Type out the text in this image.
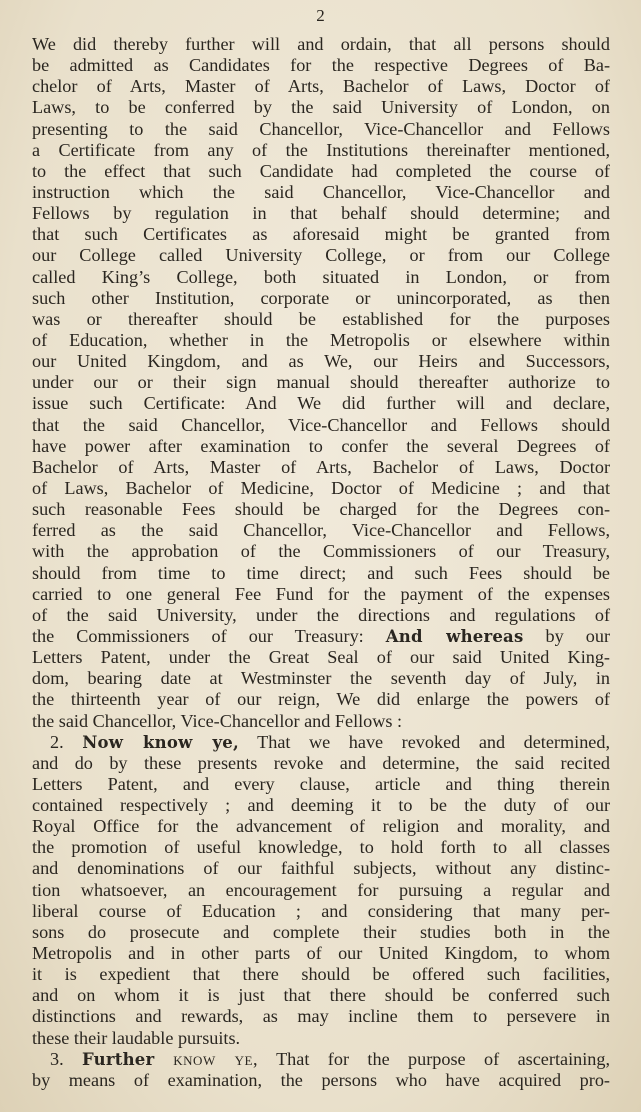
2
We did thereby further will and ordain, that all persons should
be admitted as Candidates for the respective Degrees of Ba-
chelor of Arts, Master of Arts, Bachelor of Laws, Doctor of
Laws, to be conferred by the said University of London, on
presenting to the said Chancellor, Vice-Chancellor and Fellows
a Certificate from any of the Institutions thereinafter mentioned,
to the effect that such Candidate had completed the course of
instruction which the said Chancellor, Vice-Chancellor and
Fellows by regulation in that behalf should determine; and
that such Certificates as aforesaid might be granted from
our College called University College, or from our College
called King’s College, both situated in London, or from
such other Institution, corporate or unincorporated, as then
was or thereafter should be established for the purposes
of Education, whether in the Metropolis or elsewhere within
our United Kingdom, and as We, our Heirs and Successors,
under our or their sign manual should thereafter authorize to
issue such Certificate: And We did further will and declare,
that the said Chancellor, Vice-Chancellor and Fellows should
have power after examination to confer the several Degrees of
Bachelor of Arts, Master of Arts, Bachelor of Laws, Doctor
of Laws, Bachelor of Medicine, Doctor of Medicine ; and that
such reasonable Fees should be charged for the Degrees con-
ferred as the said Chancellor, Vice-Chancellor and Fellows,
with the approbation of the Commissioners of our Treasury,
should from time to time direct; and such Fees should be
carried to one general Fee Fund for the payment of the expenses
of the said University, under the directions and regulations of
the Commissioners of our Treasury: And whereas by our
Letters Patent, under the Great Seal of our said United King-
dom, bearing date at Westminster the seventh day of July, in
the thirteenth year of our reign, We did enlarge the powers of
the said Chancellor, Vice-Chancellor and Fellows :
2. Now know ye, That we have revoked and determined,
and do by these presents revoke and determine, the said recited
Letters Patent, and every clause, article and thing therein
contained respectively ; and deeming it to be the duty of our
Royal Office for the advancement of religion and morality, and
the promotion of useful knowledge, to hold forth to all classes
and denominations of our faithful subjects, without any distinc-
tion whatsoever, an encouragement for pursuing a regular and
liberal course of Education ; and considering that many per-
sons do prosecute and complete their studies both in the
Metropolis and in other parts of our United Kingdom, to whom
it is expedient that there should be offered such facilities,
and on whom it is just that there should be conferred such
distinctions and rewards, as may incline them to persevere in
these their laudable pursuits.
3. Further know ye, That for the purpose of ascertaining,
by means of examination, the persons who have acquired pro-
